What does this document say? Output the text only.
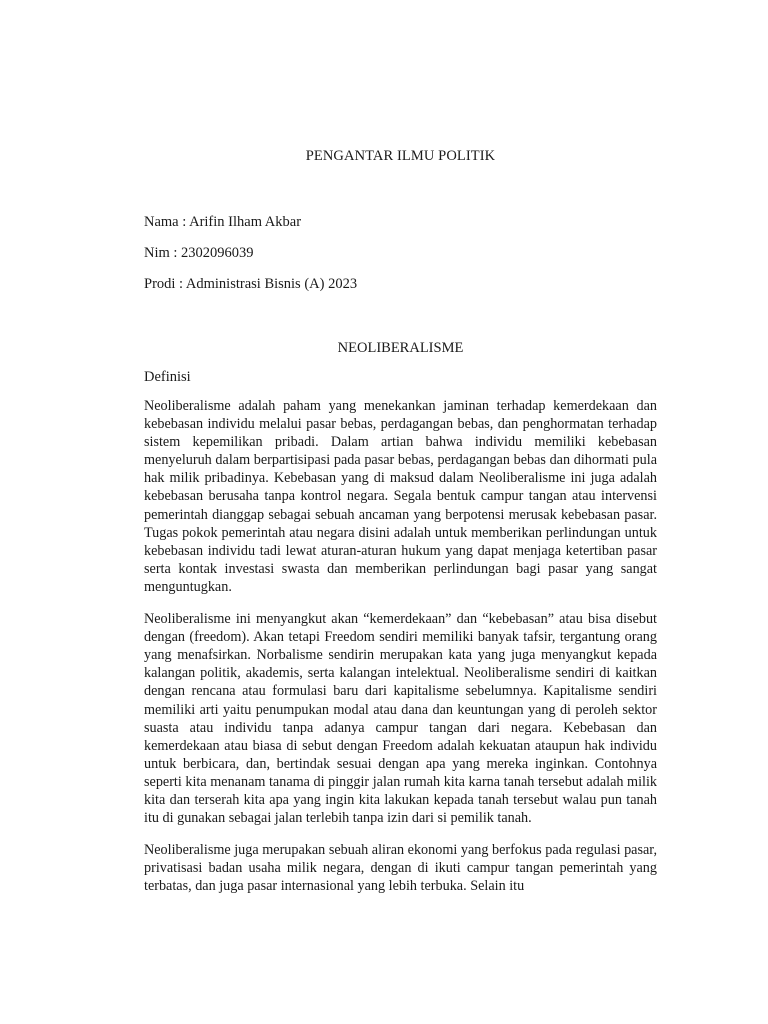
PENGANTAR ILMU POLITIK
Nama : Arifin Ilham Akbar
Nim : 2302096039
Prodi : Administrasi Bisnis (A) 2023
NEOLIBERALISME
Definisi

Neoliberalisme adalah paham yang menekankan jaminan terhadap kemerdekaan dan kebebasan individu melalui pasar bebas, perdagangan bebas, dan penghormatan terhadap sistem kepemilikan pribadi. Dalam artian bahwa individu memiliki kebebasan menyeluruh dalam berpartisipasi pada pasar bebas, perdagangan bebas dan dihormati pula hak milik pribadinya. Kebebasan yang di maksud dalam Neoliberalisme ini juga adalah kebebasan berusaha tanpa kontrol negara. Segala bentuk campur tangan atau intervensi pemerintah dianggap sebagai sebuah ancaman yang berpotensi merusak kebebasan pasar. Tugas pokok pemerintah atau negara disini adalah untuk memberikan perlindungan untuk kebebasan individu tadi lewat aturan-aturan hukum yang dapat menjaga ketertiban pasar serta kontak investasi swasta dan memberikan perlindungan bagi pasar yang sangat menguntugkan.

Neoliberalisme ini menyangkut akan “kemerdekaan” dan “kebebasan” atau bisa disebut dengan (freedom). Akan tetapi Freedom sendiri memiliki banyak tafsir, tergantung orang yang menafsirkan. Norbalisme sendirin merupakan kata yang juga menyangkut kepada kalangan politik, akademis, serta kalangan intelektual. Neoliberalisme sendiri di kaitkan dengan rencana atau formulasi baru dari kapitalisme sebelumnya. Kapitalisme sendiri memiliki arti yaitu penumpukan modal atau dana dan keuntungan yang di peroleh sektor suasta atau individu tanpa adanya campur tangan dari negara. Kebebasan dan kemerdekaan atau biasa di sebut dengan Freedom adalah kekuatan ataupun hak individu untuk berbicara, dan, bertindak sesuai dengan apa yang mereka inginkan. Contohnya seperti kita menanam tanama di pinggir jalan rumah kita karna tanah tersebut adalah milik kita dan terserah kita apa yang ingin kita lakukan kepada tanah tersebut walau pun tanah itu di gunakan sebagai jalan terlebih tanpa izin dari si pemilik tanah.

Neoliberalisme juga merupakan sebuah aliran ekonomi yang berfokus pada regulasi pasar, privatisasi badan usaha milik negara, dengan di ikuti campur tangan pemerintah yang terbatas, dan juga pasar internasional yang lebih terbuka. Selain itu
